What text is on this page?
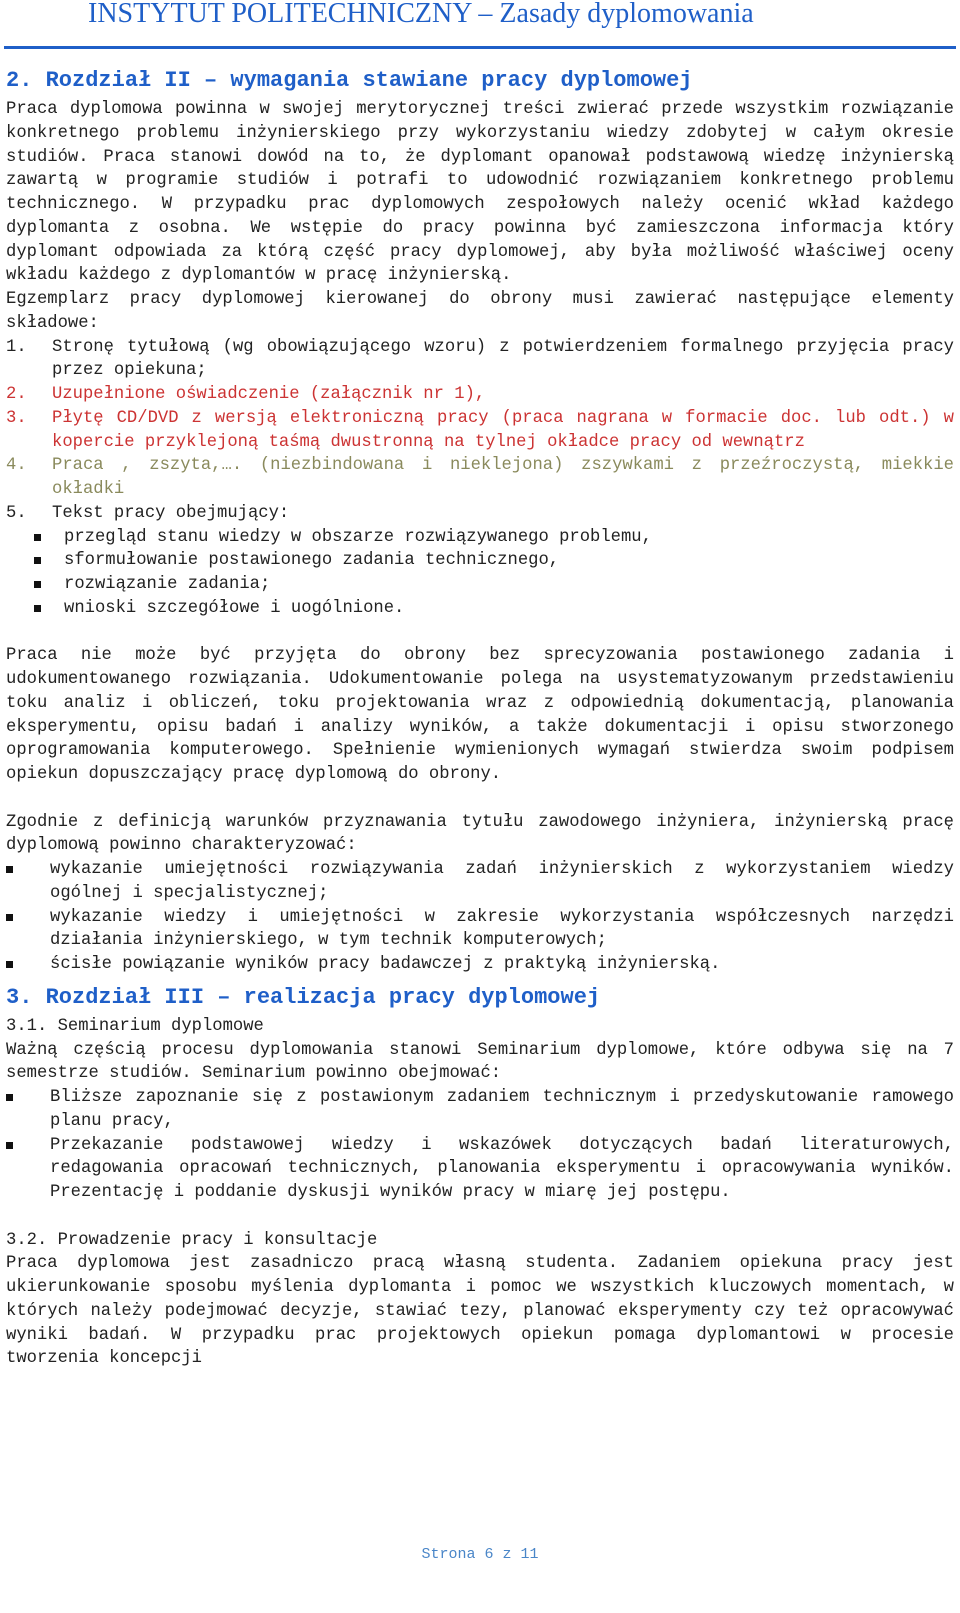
INSTYTUT POLITECHNICZNY – Zasady dyplomowania
2. Rozdział II – wymagania stawiane pracy dyplomowej

Praca dyplomowa powinna w swojej merytorycznej treści zwierać przede wszystkim rozwiązanie konkretnego problemu inżynierskiego przy wykorzystaniu wiedzy zdobytej w całym okresie studiów. Praca stanowi dowód na to, że dyplomant opanował podstawową wiedzę inżynierską zawartą w programie studiów i potrafi to udowodnić rozwiązaniem konkretnego problemu technicznego. W przypadku prac dyplomowych zespołowych należy ocenić wkład każdego dyplomanta z osobna. We wstępie do pracy powinna być zamieszczona informacja który dyplomant odpowiada za którą część pracy dyplomowej, aby była możliwość właściwej oceny wkładu każdego z dyplomantów w pracę inżynierską.

Egzemplarz pracy dyplomowej kierowanej do obrony musi zawierać następujące elementy składowe:

1. Stronę tytułową (wg obowiązującego wzoru) z potwierdzeniem formalnego przyjęcia pracy przez opiekuna;
2. Uzupełnione oświadczenie (załącznik nr 1),
3. Płytę CD/DVD z wersją elektroniczną pracy (praca nagrana w formacie doc. lub odt.) w kopercie przyklejoną taśmą dwustronną na tylnej okładce pracy od wewnątrz
4. Praca , zszyta,…. (niezbindowana i nieklejona) zszywkami z przeźroczystą, miekkie okładki
5. Tekst pracy obejmujący:
przegląd stanu wiedzy w obszarze rozwiązywanego problemu,
sformułowanie postawionego zadania technicznego,
rozwiązanie zadania;
wnioski szczegółowe i uogólnione.

Praca nie może być przyjęta do obrony bez sprecyzowania postawionego zadania i udokumentowanego rozwiązania. Udokumentowanie polega na usystematyzowanym przedstawieniu toku analiz i obliczeń, toku projektowania wraz z odpowiednią dokumentacją, planowania eksperymentu, opisu badań i analizy wyników, a także dokumentacji i opisu stworzonego oprogramowania komputerowego. Spełnienie wymienionych wymagań stwierdza swoim podpisem opiekun dopuszczający pracę dyplomową do obrony.

Zgodnie z definicją warunków przyznawania tytułu zawodowego inżyniera, inżynierską pracę dyplomową powinno charakteryzować:

wykazanie umiejętności rozwiązywania zadań inżynierskich z wykorzystaniem wiedzy ogólnej i specjalistycznej;
wykazanie wiedzy i umiejętności w zakresie wykorzystania współczesnych narzędzi działania inżynierskiego, w tym technik komputerowych;
ścisłe powiązanie wyników pracy badawczej z praktyką inżynierską.
3. Rozdział III – realizacja pracy dyplomowej

3.1. Seminarium dyplomowe

Ważną częścią procesu dyplomowania stanowi Seminarium dyplomowe, które odbywa się na 7 semestrze studiów. Seminarium powinno obejmować:

Bliższe zapoznanie się z postawionym zadaniem technicznym i przedyskutowanie ramowego planu pracy,
Przekazanie podstawowej wiedzy i wskazówek dotyczących badań literaturowych, redagowania opracowań technicznych, planowania eksperymentu i opracowywania wyników. Prezentację i poddanie dyskusji wyników pracy w miarę jej postępu.

3.2. Prowadzenie pracy i konsultacje

Praca dyplomowa jest zasadniczo pracą własną studenta. Zadaniem opiekuna pracy jest ukierunkowanie sposobu myślenia dyplomanta i pomoc we wszystkich kluczowych momentach, w których należy podejmować decyzje, stawiać tezy, planować eksperymenty czy też opracowywać wyniki badań. W przypadku prac projektowych opiekun pomaga dyplomantowi w procesie tworzenia koncepcji

Strona 6 z 11
